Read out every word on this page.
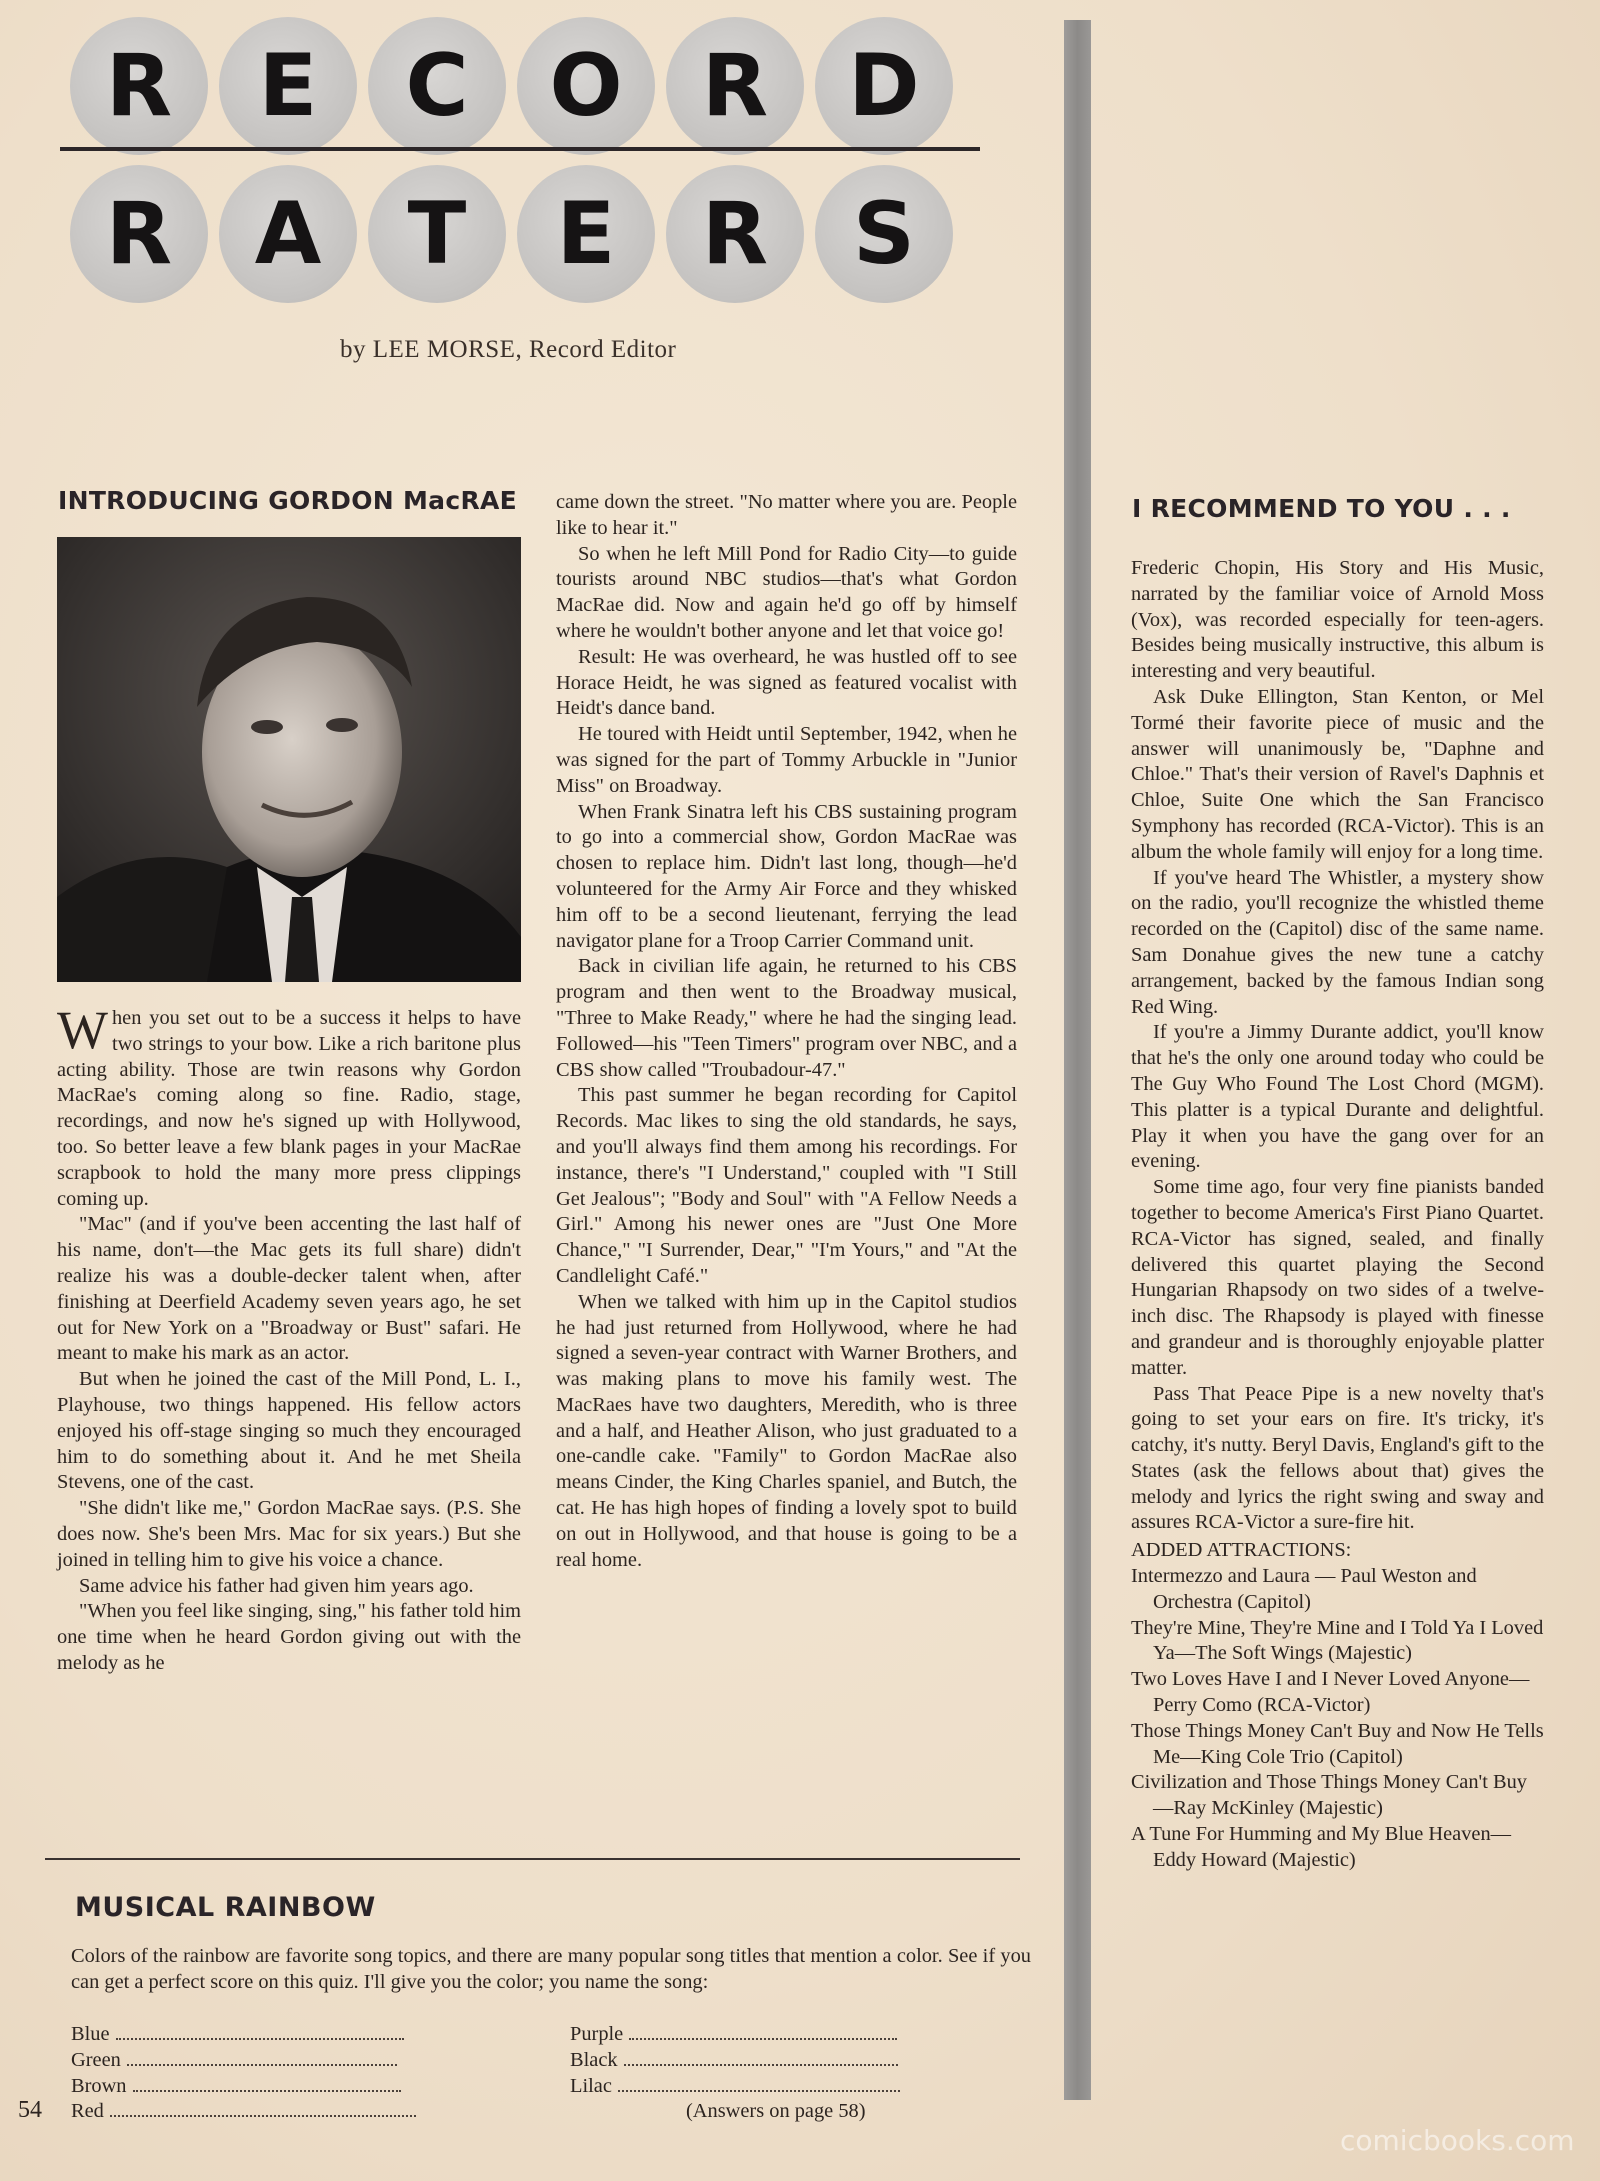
R	E	C O R D
R A	T	E	R S
by LEE MORSE, Record Editor
INTRODUCING GORDON MacRAE

When you set out to be a success it helps to have two strings to your bow. Like a rich baritone plus acting ability. Those are twin reasons why Gordon MacRae's coming along so fine. Radio, stage, recordings, and now he's signed up with Hollywood, too. So better leave a few blank pages in your MacRae scrapbook to hold the many more press clippings coming up.

"Mac" (and if you've been accenting the last half of his name, don't—the Mac gets its full share) didn't realize his was a double-decker talent when, after finishing at Deerfield Academy seven years ago, he set out for New York on a "Broadway or Bust" safari. He meant to make his mark as an actor.

But when he joined the cast of the Mill Pond, L. I., Playhouse, two things happened. His fellow actors enjoyed his off-stage singing so much they encouraged him to do something about it. And he met Sheila Stevens, one of the cast.

"She didn't like me," Gordon MacRae says. (P.S. She does now. She's been Mrs. Mac for six years.) But she joined in telling him to give his voice a chance.

Same advice his father had given him years ago.

"When you feel like singing, sing," his father told him one time when he heard Gordon giving out with the melody as he

came down the street. "No matter where you are. People like to hear it."

So when he left Mill Pond for Radio City—to guide tourists around NBC studios—that's what Gordon MacRae did. Now and again he'd go off by himself where he wouldn't bother anyone and let that voice go!

Result: He was overheard, he was hustled off to see Horace Heidt, he was signed as featured vocalist with Heidt's dance band.

He toured with Heidt until September, 1942, when he was signed for the part of Tommy Arbuckle in "Junior Miss" on Broadway.

When Frank Sinatra left his CBS sustaining program to go into a commercial show, Gordon MacRae was chosen to replace him. Didn't last long, though—he'd volunteered for the Army Air Force and they whisked him off to be a second lieutenant, ferrying the lead navigator plane for a Troop Carrier Command unit.

Back in civilian life again, he returned to his CBS program and then went to the Broadway musical, "Three to Make Ready," where he had the singing lead. Followed—his "Teen Timers" program over NBC, and a CBS show called "Troubadour-47."

This past summer he began recording for Capitol Records. Mac likes to sing the old standards, he says, and you'll always find them among his recordings. For instance, there's "I Understand," coupled with "I Still Get Jealous"; "Body and Soul" with "A Fellow Needs a Girl." Among his newer ones are "Just One More Chance," "I Surrender, Dear," "I'm Yours," and "At the Candlelight Café."

When we talked with him up in the Capitol studios he had just returned from Hollywood, where he had signed a seven-year contract with Warner Brothers, and was making plans to move his family west. The MacRaes have two daughters, Meredith, who is three and a half, and Heather Alison, who just graduated to a one-candle cake. "Family" to Gordon MacRae also means Cinder, the King Charles spaniel, and Butch, the cat. He has high hopes of finding a lovely spot to build on out in Hollywood, and that house is going to be a real home.

I RECOMMEND TO YOU . . .

Frederic Chopin, His Story and His Music, narrated by the familiar voice of Arnold Moss (Vox), was recorded especially for teen-agers. Besides being musically instructive, this album is interesting and very beautiful.

Ask Duke Ellington, Stan Kenton, or Mel Tormé their favorite piece of music and the answer will unanimously be, "Daphne and Chloe." That's their version of Ravel's Daphnis et Chloe, Suite One which the San Francisco Symphony has recorded (RCA-Victor). This is an album the whole family will enjoy for a long time.

If you've heard The Whistler, a mystery show on the radio, you'll recognize the whistled theme recorded on the (Capitol) disc of the same name. Sam Donahue gives the new tune a catchy arrangement, backed by the famous Indian song Red Wing.

If you're a Jimmy Durante addict, you'll know that he's the only one around today who could be The Guy Who Found The Lost Chord (MGM). This platter is a typical Durante and delightful. Play it when you have the gang over for an evening.

Some time ago, four very fine pianists banded together to become America's First Piano Quartet. RCA-Victor has signed, sealed, and finally delivered this quartet playing the Second Hungarian Rhapsody on two sides of a twelve-inch disc. The Rhapsody is played with finesse and grandeur and is thoroughly enjoyable platter matter.

Pass That Peace Pipe is a new novelty that's going to set your ears on fire. It's tricky, it's catchy, it's nutty. Beryl Davis, England's gift to the States (ask the fellows about that) gives the melody and lyrics the right swing and sway and assures RCA-Victor a sure-fire hit.

ADDED ATTRACTIONS:

Intermezzo and Laura — Paul Weston and Orchestra (Capitol)

They're Mine, They're Mine and I Told Ya I Loved Ya—The Soft Wings (Majestic)

Two Loves Have I and I Never Loved Anyone—Perry Como (RCA-Victor)

Those Things Money Can't Buy and Now He Tells Me—King Cole Trio (Capitol)

Civilization and Those Things Money Can't Buy—Ray McKinley (Majestic)

A Tune For Humming and My Blue Heaven—Eddy Howard (Majestic)

MUSICAL RAINBOW
Colors of the rainbow are favorite song topics, and there are many popular song titles that mention a color. See if you can get a perfect score on this quiz. I'll give you the color; you name the song:
Blue
Green
Brown
Red
Purple
Black
Lilac
(Answers on page 58)
54
comicbooks.com
